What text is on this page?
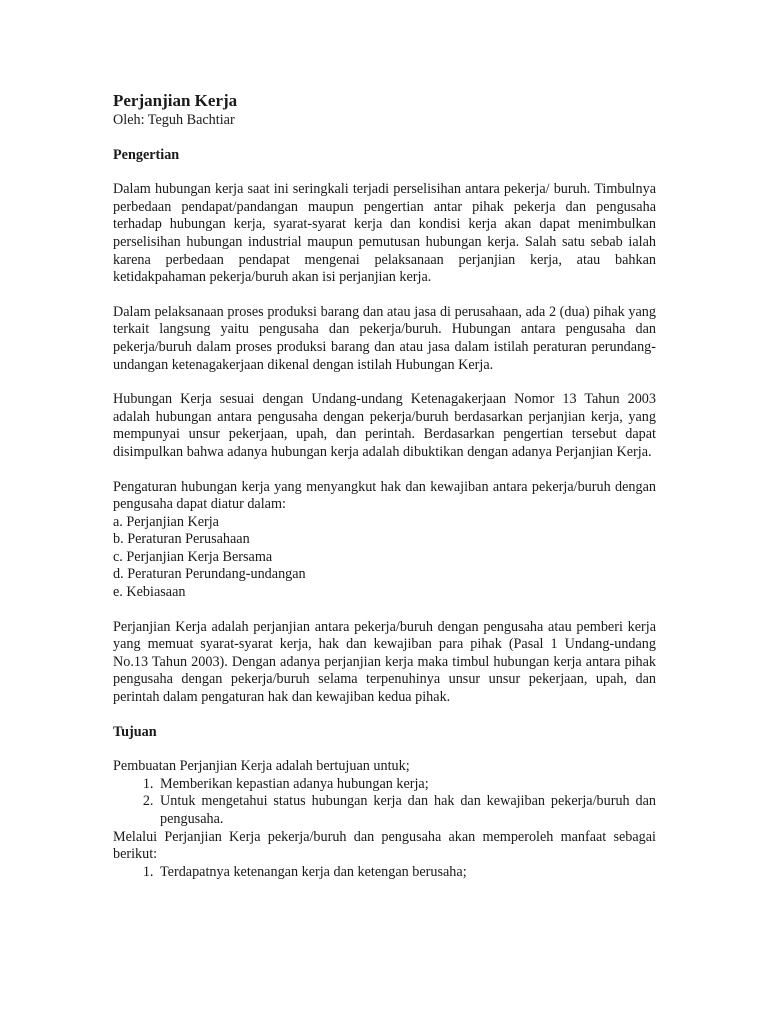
Perjanjian Kerja
Oleh: Teguh Bachtiar
Pengertian

Dalam hubungan kerja saat ini seringkali terjadi perselisihan antara pekerja/ buruh. Timbulnya perbedaan pendapat/pandangan maupun pengertian antar pihak pekerja dan pengusaha terhadap hubungan kerja, syarat-syarat kerja dan kondisi kerja akan dapat menimbulkan perselisihan hubungan industrial maupun pemutusan hubungan kerja. Salah satu sebab ialah karena perbedaan pendapat mengenai pelaksanaan perjanjian kerja, atau bahkan ketidakpahaman pekerja/buruh akan isi perjanjian kerja.

Dalam pelaksanaan proses produksi barang dan atau jasa di perusahaan, ada 2 (dua) pihak yang terkait langsung yaitu pengusaha dan pekerja/buruh. Hubungan antara pengusaha dan pekerja/buruh dalam proses produksi barang dan atau jasa dalam istilah peraturan perundang-undangan ketenagakerjaan dikenal dengan istilah Hubungan Kerja.

Hubungan Kerja sesuai dengan Undang-undang Ketenagakerjaan Nomor 13 Tahun 2003 adalah hubungan antara pengusaha dengan pekerja/buruh berdasarkan perjanjian kerja, yang mempunyai unsur pekerjaan, upah, dan perintah. Berdasarkan pengertian tersebut dapat disimpulkan bahwa adanya hubungan kerja adalah dibuktikan dengan adanya Perjanjian Kerja.

Pengaturan hubungan kerja yang menyangkut hak dan kewajiban antara pekerja/buruh dengan pengusaha dapat diatur dalam:

a. Perjanjian Kerja
b. Peraturan Perusahaan
c. Perjanjian Kerja Bersama
d. Peraturan Perundang-undangan
e. Kebiasaan

Perjanjian Kerja adalah perjanjian antara pekerja/buruh dengan pengusaha atau pemberi kerja yang memuat syarat-syarat kerja, hak dan kewajiban para pihak (Pasal 1 Undang-undang No.13 Tahun 2003). Dengan adanya perjanjian kerja maka timbul hubungan kerja antara pihak pengusaha dengan pekerja/buruh selama terpenuhinya unsur unsur pekerjaan, upah, dan perintah dalam pengaturan hak dan kewajiban kedua pihak.

Tujuan

Pembuatan Perjanjian Kerja adalah bertujuan untuk;

1. Memberikan kepastian adanya hubungan kerja;
2. Untuk mengetahui status hubungan kerja dan hak dan kewajiban pekerja/buruh dan pengusaha.

Melalui Perjanjian Kerja pekerja/buruh dan pengusaha akan memperoleh manfaat sebagai berikut:

1. Terdapatnya ketenangan kerja dan ketengan berusaha;
